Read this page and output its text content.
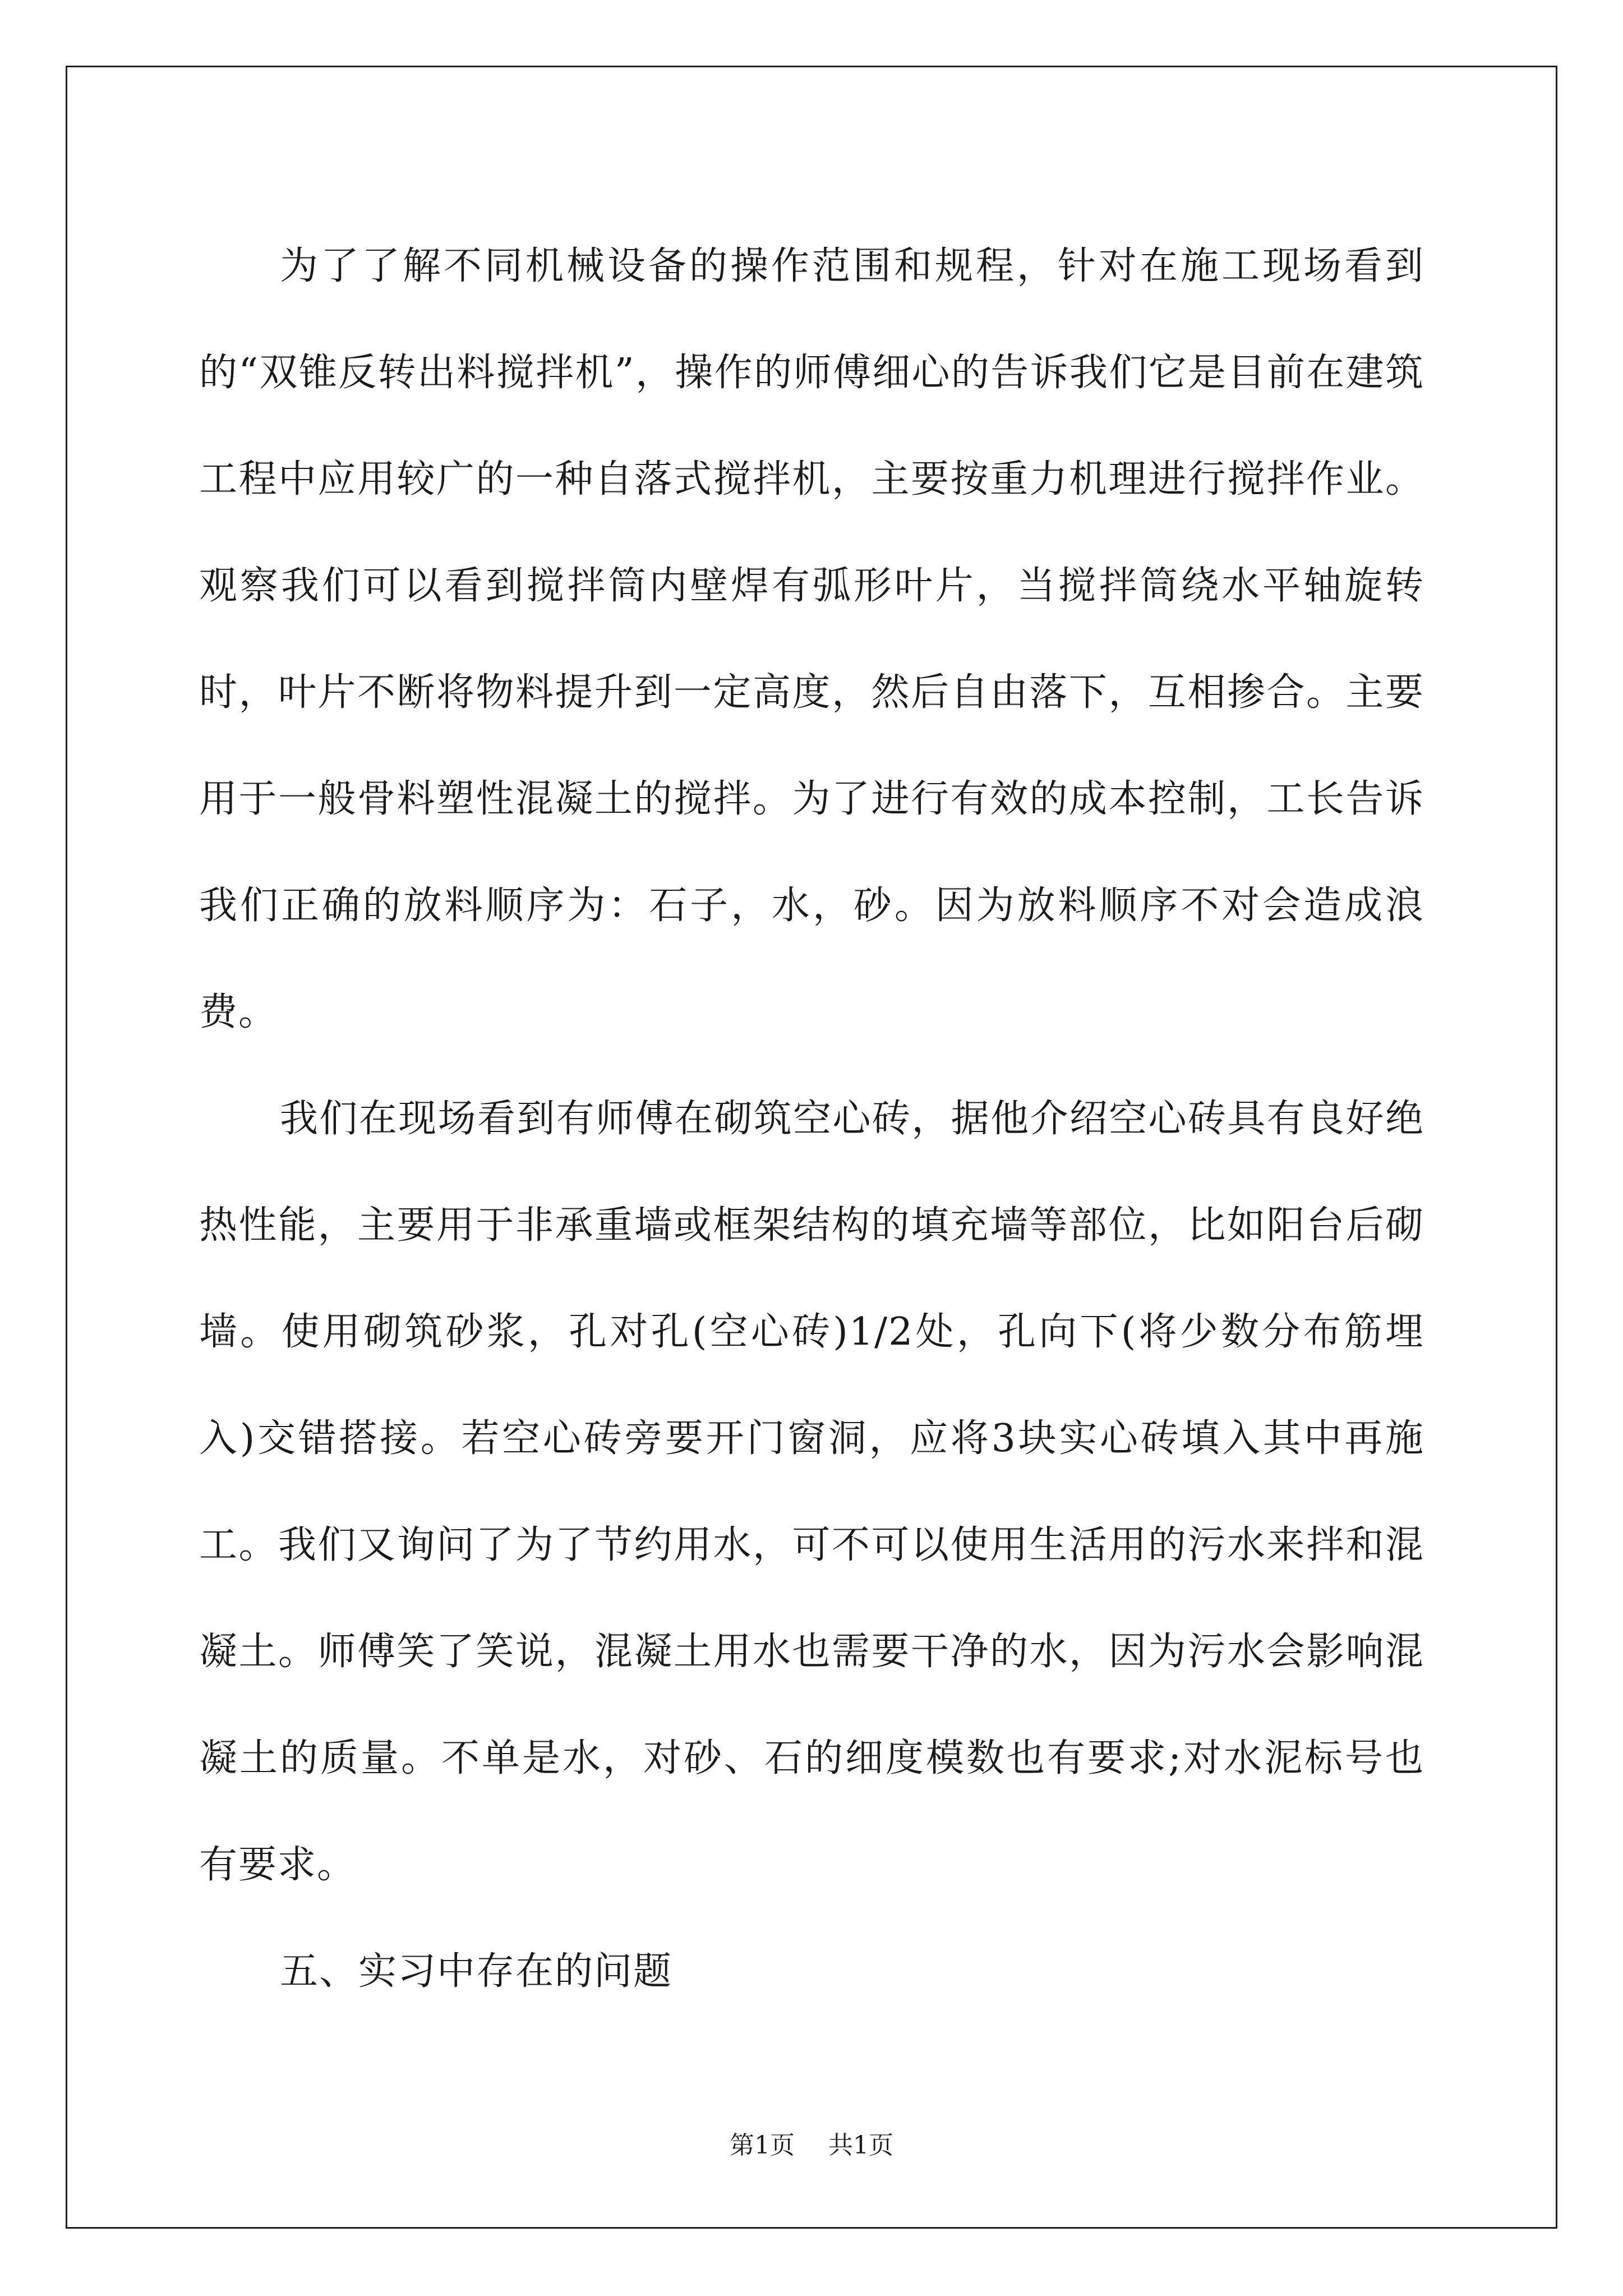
为了了解不同机械设备的操作范围和规程，针对在施工现场看到的“双锥反转出料搅拌机”，操作的师傅细心的告诉我们它是目前在建筑工程中应用较广的一种自落式搅拌机，主要按重力机理进行搅拌作业。观察我们可以看到搅拌筒内壁焊有弧形叶片，当搅拌筒绕水平轴旋转时，叶片不断将物料提升到一定高度，然后自由落下，互相掺合。主要用于一般骨料塑性混凝土的搅拌。为了进行有效的成本控制，工长告诉我们正确的放料顺序为：石子，水，砂。因为放料顺序不对会造成浪费。

我们在现场看到有师傅在砌筑空心砖，据他介绍空心砖具有良好绝热性能，主要用于非承重墙或框架结构的填充墙等部位，比如阳台后砌墙。使用砌筑砂浆，孔对孔(空心砖)1/2处，孔向下(将少数分布筋埋入)交错搭接。若空心砖旁要开门窗洞，应将3块实心砖填入其中再施工。我们又询问了为了节约用水，可不可以使用生活用的污水来拌和混凝土。师傅笑了笑说，混凝土用水也需要干净的水，因为污水会影响混凝土的质量。不单是水，对砂、石的细度模数也有要求;对水泥标号也有要求。

五、实习中存在的问题

第1页 共1页
